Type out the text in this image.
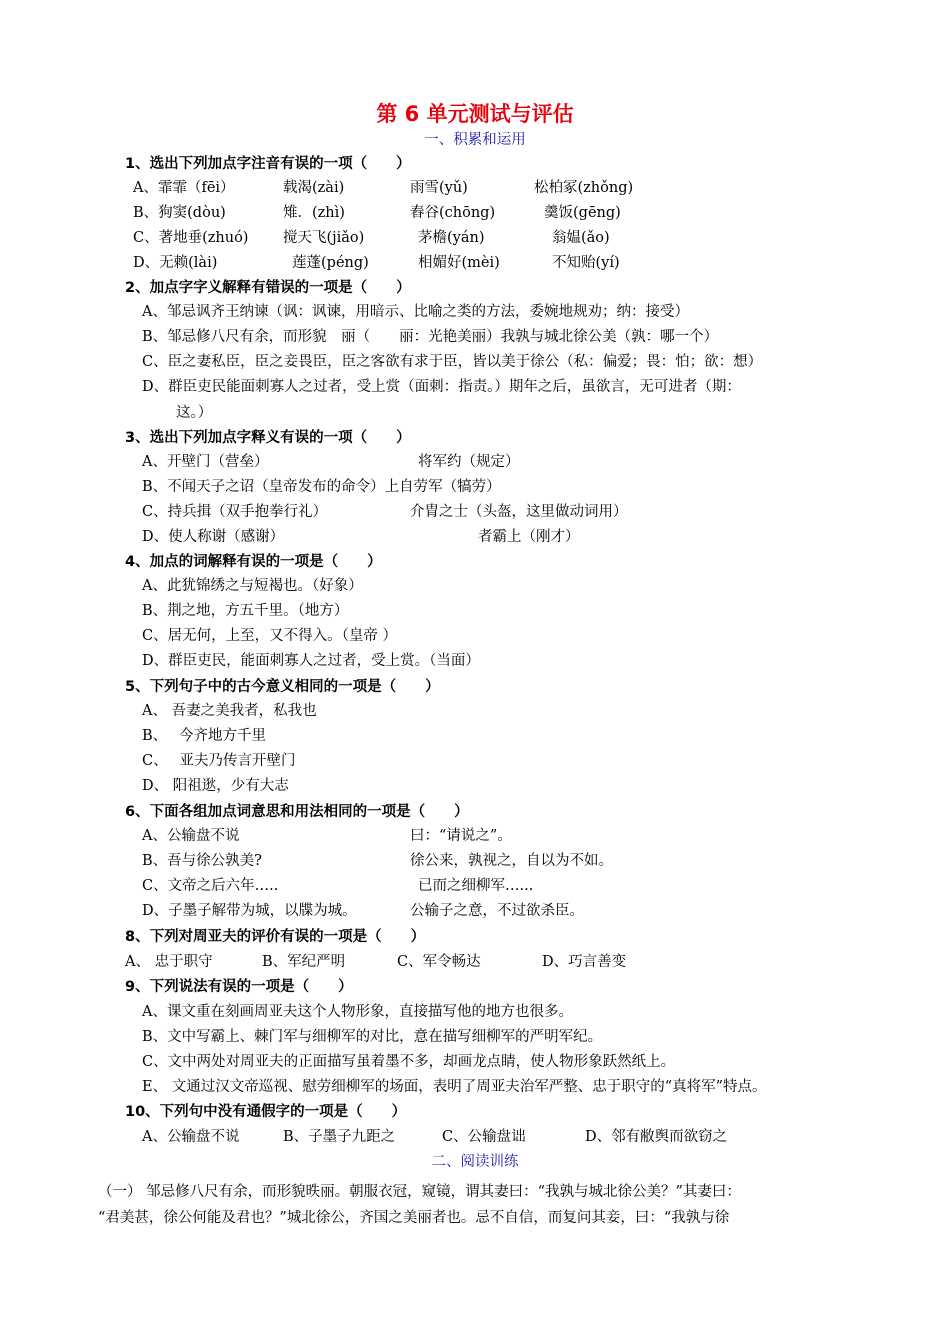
第 6 单元测试与评估
一、积累和运用
1、选出下列加点字注音有误的一项（　　）
A、霏霏（fēi）	载渴(zài)	雨雪(yǔ)	松柏冢(zhǒng)
B、狗窦(dòu)	雉．(zhì)	舂谷(chōng)	羹饭(gēng)
C、著地垂(zhuó) 搅天飞(jiǎo)	茅檐(yán)	翁媪(ǎo)
D、无赖(lài)	莲蓬(péng)	相媚好(mèi)	不知贻(yí)
2、加点字字义解释有错误的一项是（　　）
A、邹忌讽齐王纳谏（讽：讽谏，用暗示、比喻之类的方法，委婉地规劝；纳：接受）
B、邹忌修八尺有余，而形貌　丽（　　丽：光艳美丽）我孰与城北徐公美（孰：哪一个）
C、臣之妻私臣，臣之妾畏臣，臣之客欲有求于臣，皆以美于徐公（私：偏爱；畏：怕；欲：想）
D、群臣吏民能面刺寡人之过者，受上赏（面刺：指责。）期年之后，虽欲言，无可进者（期：
这。）
3、选出下列加点字释义有误的一项（　　）
A、开壁门（营垒）	将军约（规定）
B、不闻天子之诏（皇帝发布的命令）上自劳军（犒劳）
C、持兵揖（双手抱拳行礼）	介胄之士（头盔，这里做动词用）
D、使人称谢（感谢）	者霸上（刚才）
4、加点的词解释有误的一项是（　　）
A、此犹锦绣之与短褐也。（好象）
B、荆之地，方五千里。（地方）
C、居无何，上至，又不得入。（皇帝 ）
D、群臣吏民，能面刺寡人之过者，受上赏。（当面）
5、下列句子中的古今意义相同的一项是（　　）
A、 吾妻之美我者，私我也
B、　 今齐地方千里
C、　 亚夫乃传言开壁门
D、 阳祖逖，少有大志
6、下面各组加点词意思和用法相同的一项是（　　）
A、公输盘不说	曰：“请说之”。
B、吾与徐公孰美?	徐公来，孰视之，自以为不如。
C、文帝之后六年…..	已而之细柳军…...
D、子墨子解带为城，以牒为城。	公输子之意，不过欲杀臣。
8、下列对周亚夫的评价有误的一项是（　　）
A、 忠于职守	B、军纪严明	C、军令畅达	D、巧言善变
9、下列说法有误的一项是（　　）
A、课文重在刻画周亚夫这个人物形象，直接描写他的地方也很多。
B、文中写霸上、棘门军与细柳军的对比，意在描写细柳军的严明军纪。
C、文中两处对周亚夫的正面描写虽着墨不多，却画龙点睛，使人物形象跃然纸上。
E、 文通过汉文帝巡视、慰劳细柳军的场面，表明了周亚夫治军严整、忠于职守的“真将军”特点。
10、下列句中没有通假字的一项是（　　）
A、公输盘不说	B、子墨子九距之	C、公输盘诎	D、邻有敝舆而欲窃之
二、阅读训练
（一） 邹忌修八尺有余，而形貌昳丽。朝服衣冠，窥镜，谓其妻曰：“我孰与城北徐公美？”其妻曰：
“君美甚，徐公何能及君也？”城北徐公，齐国之美丽者也。忌不自信，而复问其妾，曰：“我孰与徐
